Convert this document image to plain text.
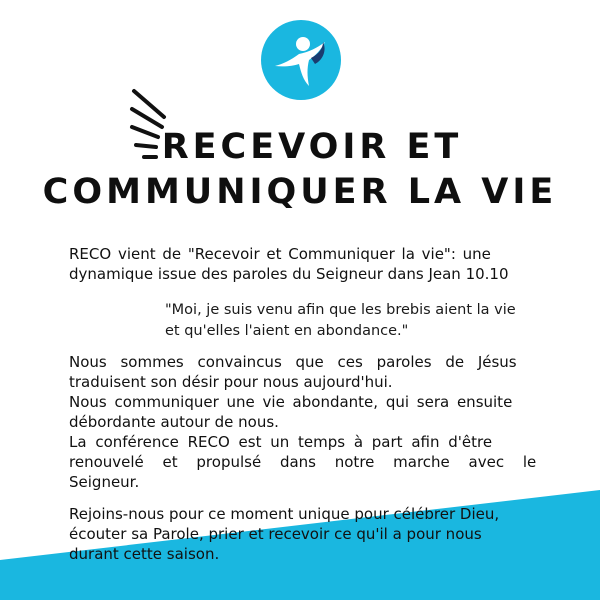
RECEVOIR ET
COMMUNIQUER LA VIE
RECO vient de "Recevoir et Communiquer la vie": une
dynamique issue des paroles du Seigneur dans Jean 10.10
"Moi, je suis venu afin que les brebis aient la vie
et qu'elles l'aient en abondance."
Nous sommes convaincus que ces paroles de Jésus
traduisent son désir pour nous aujourd'hui.
Nous communiquer une vie abondante, qui sera ensuite
débordante autour de nous.
La conférence RECO est un temps à part afin d'être
renouvelé et propulsé dans notre marche avec le
Seigneur.
Rejoins-nous pour ce moment unique pour célébrer Dieu,
écouter sa Parole, prier et recevoir ce qu'il a pour nous
durant cette saison.
